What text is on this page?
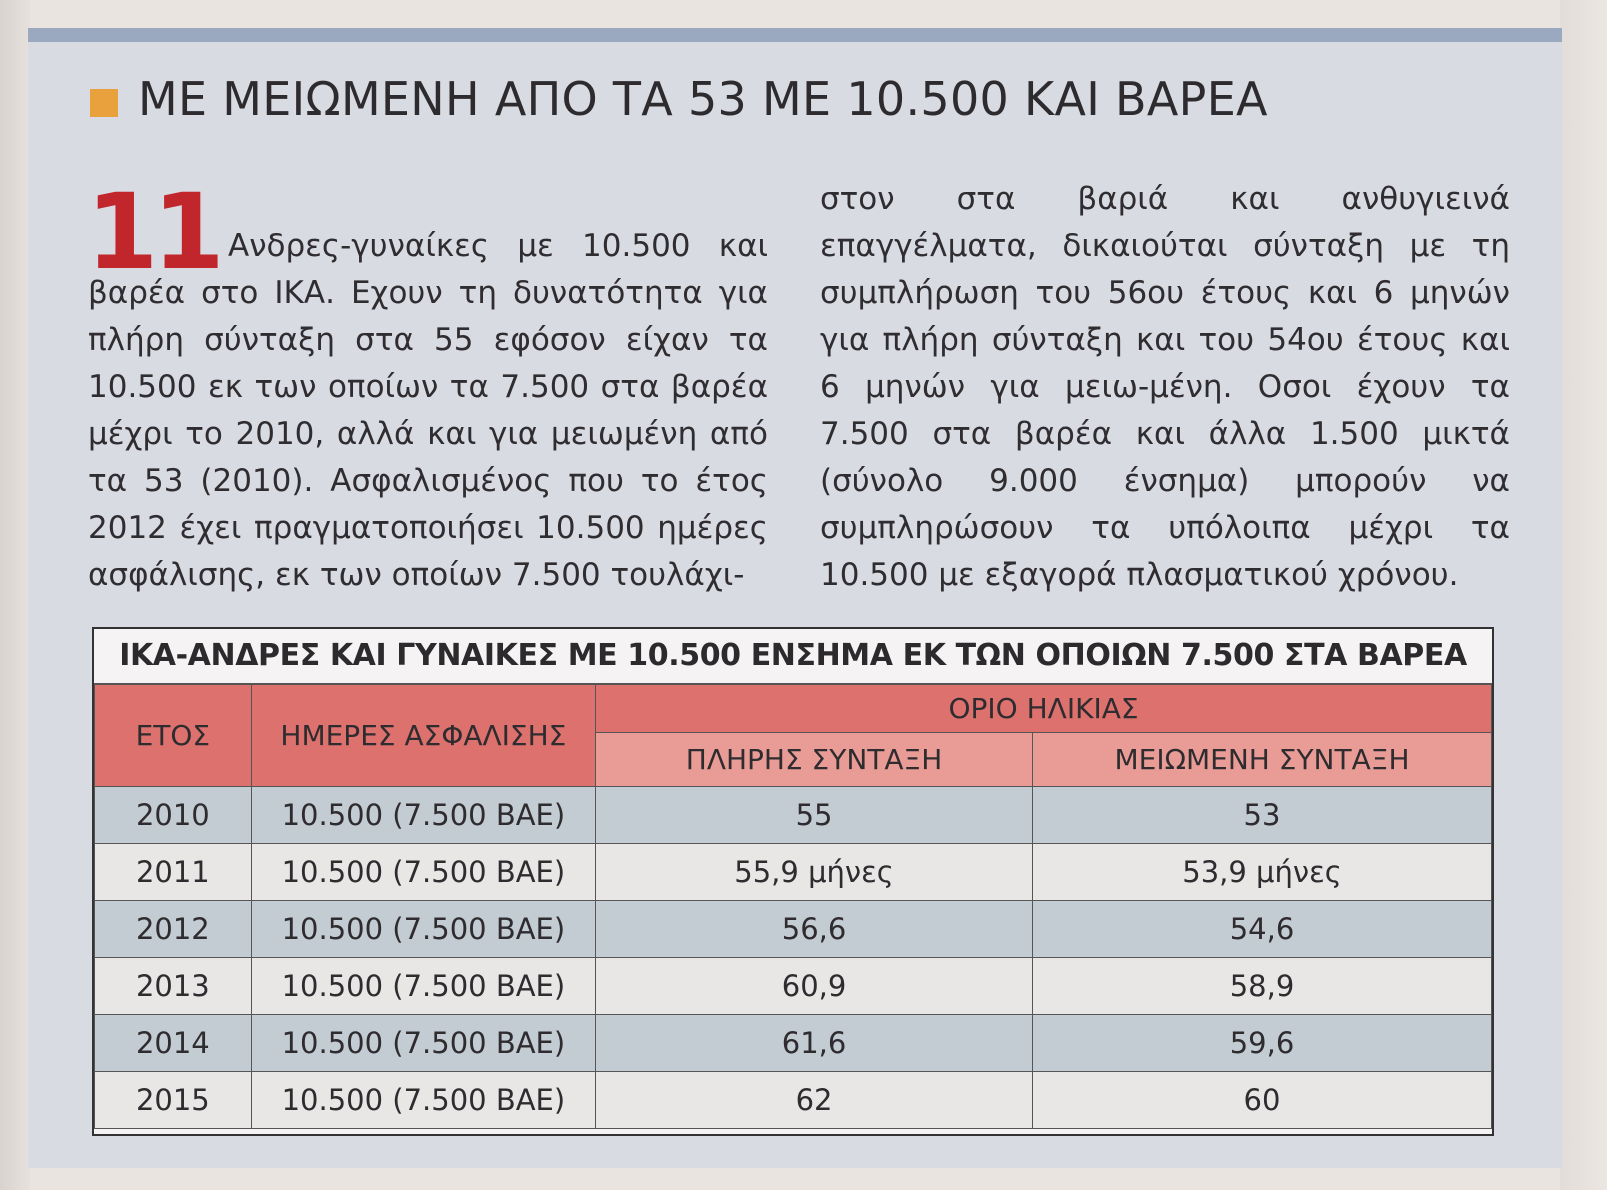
ΜΕ ΜΕΙΩΜΕΝΗ ΑΠΟ ΤΑ 53 ΜΕ 10.500 ΚΑΙ ΒΑΡΕΑ
11 Ανδρες-γυναίκες με 10.500 και βαρέα στο ΙΚΑ. Εχουν τη δυνατότητα για πλήρη σύνταξη στα 55 εφόσον είχαν τα 10.500 εκ των οποίων τα 7.500 στα βαρέα μέχρι το 2010, αλλά και για μειωμένη από τα 53 (2010). Ασφαλισμένος που το έτος 2012 έχει πραγματοποιήσει 10.500 ημέρες ασφάλισης, εκ των οποίων 7.500 τουλάχι-

στον στα βαριά και ανθυγιεινά επαγγέλματα, δικαιούται σύνταξη με τη συμπλήρωση του 56ου έτους και 6 μηνών για πλήρη σύνταξη και του 54ου έτους και 6 μηνών για μειω-μένη. Οσοι έχουν τα 7.500 στα βαρέα και άλλα 1.500 μικτά (σύνολο 9.000 ένσημα) μπορούν να συμπληρώσουν τα υπόλοιπα μέχρι τα 10.500 με εξαγορά πλασματικού χρόνου.

ΙΚΑ-ΑΝΔΡΕΣ ΚΑΙ ΓΥΝΑΙΚΕΣ ΜΕ 10.500 ΕΝΣΗΜΑ ΕΚ ΤΩΝ ΟΠΟΙΩΝ 7.500 ΣΤΑ ΒΑΡΕΑ
ΕΤΟΣ	ΗΜΕΡΕΣ ΑΣΦΑΛΙΣΗΣ	ΟΡΙΟ ΗΛΙΚΙΑΣ	
		ΠΛΗΡΗΣ ΣΥΝΤΑΞΗ	ΜΕΙΩΜΕΝΗ ΣΥΝΤΑΞΗ
2010	10.500 (7.500 ΒΑΕ)	55	53
2011	10.500 (7.500 ΒΑΕ)	55,9 μήνες	53,9 μήνες
2012	10.500 (7.500 ΒΑΕ)	56,6	54,6
2013	10.500 (7.500 ΒΑΕ)	60,9	58,9
2014	10.500 (7.500 ΒΑΕ)	61,6	59,6
2015	10.500 (7.500 ΒΑΕ)	62	60
